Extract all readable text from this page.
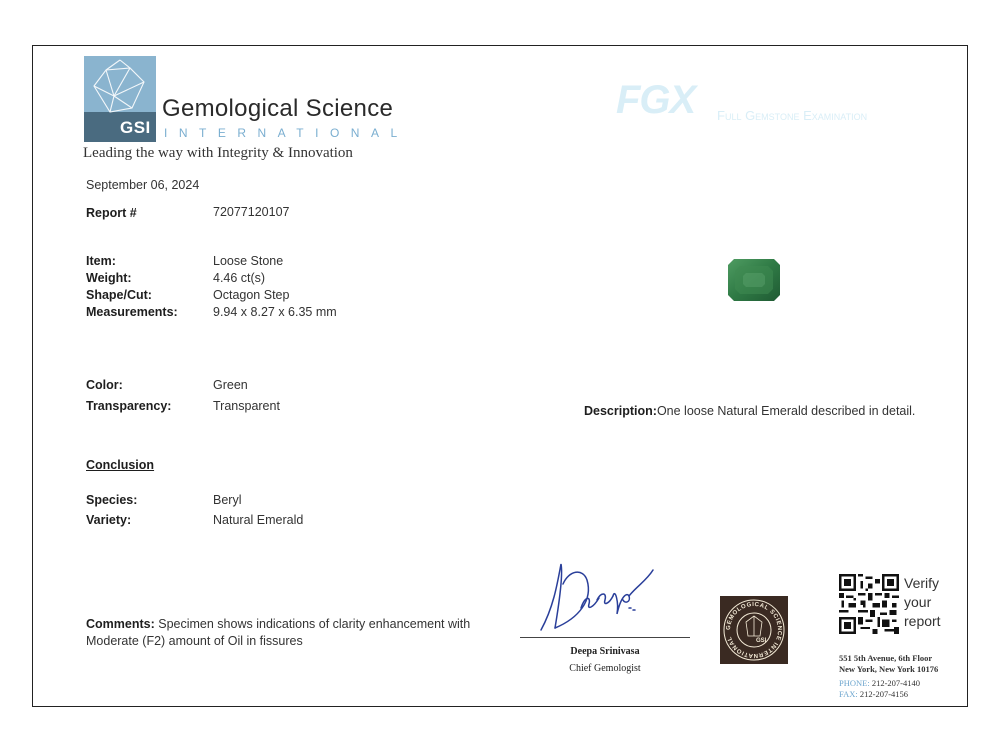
GSI
Gemological Science
INTERNATIONAL
Leading the way with Integrity & Innovation
September 06, 2024
Report #	72077120107
Item:	Loose Stone
Weight:	4.46 ct(s)
Shape/Cut:	Octagon Step
Measurements:	9.94 x 8.27 x 6.35 mm
Color:	Green
Transparency:	Transparent
Conclusion
Species:	Beryl
Variety:	Natural Emerald
Comments: Specimen shows indications of clarity enhancement with
Moderate (F2) amount of Oil in fissures
FGX Full Gemstone Examination
Description:One loose Natural Emerald described in detail.
Deepa Srinivasa
Chief Gemologist
GEMOLOGICAL SCIENCE INTERNATIONAL	GSI
Verify
your
report
551 5th Avenue, 6th Floor
New York, New York 10176
PHONE: 212-207-4140
FAX: 212-207-4156
